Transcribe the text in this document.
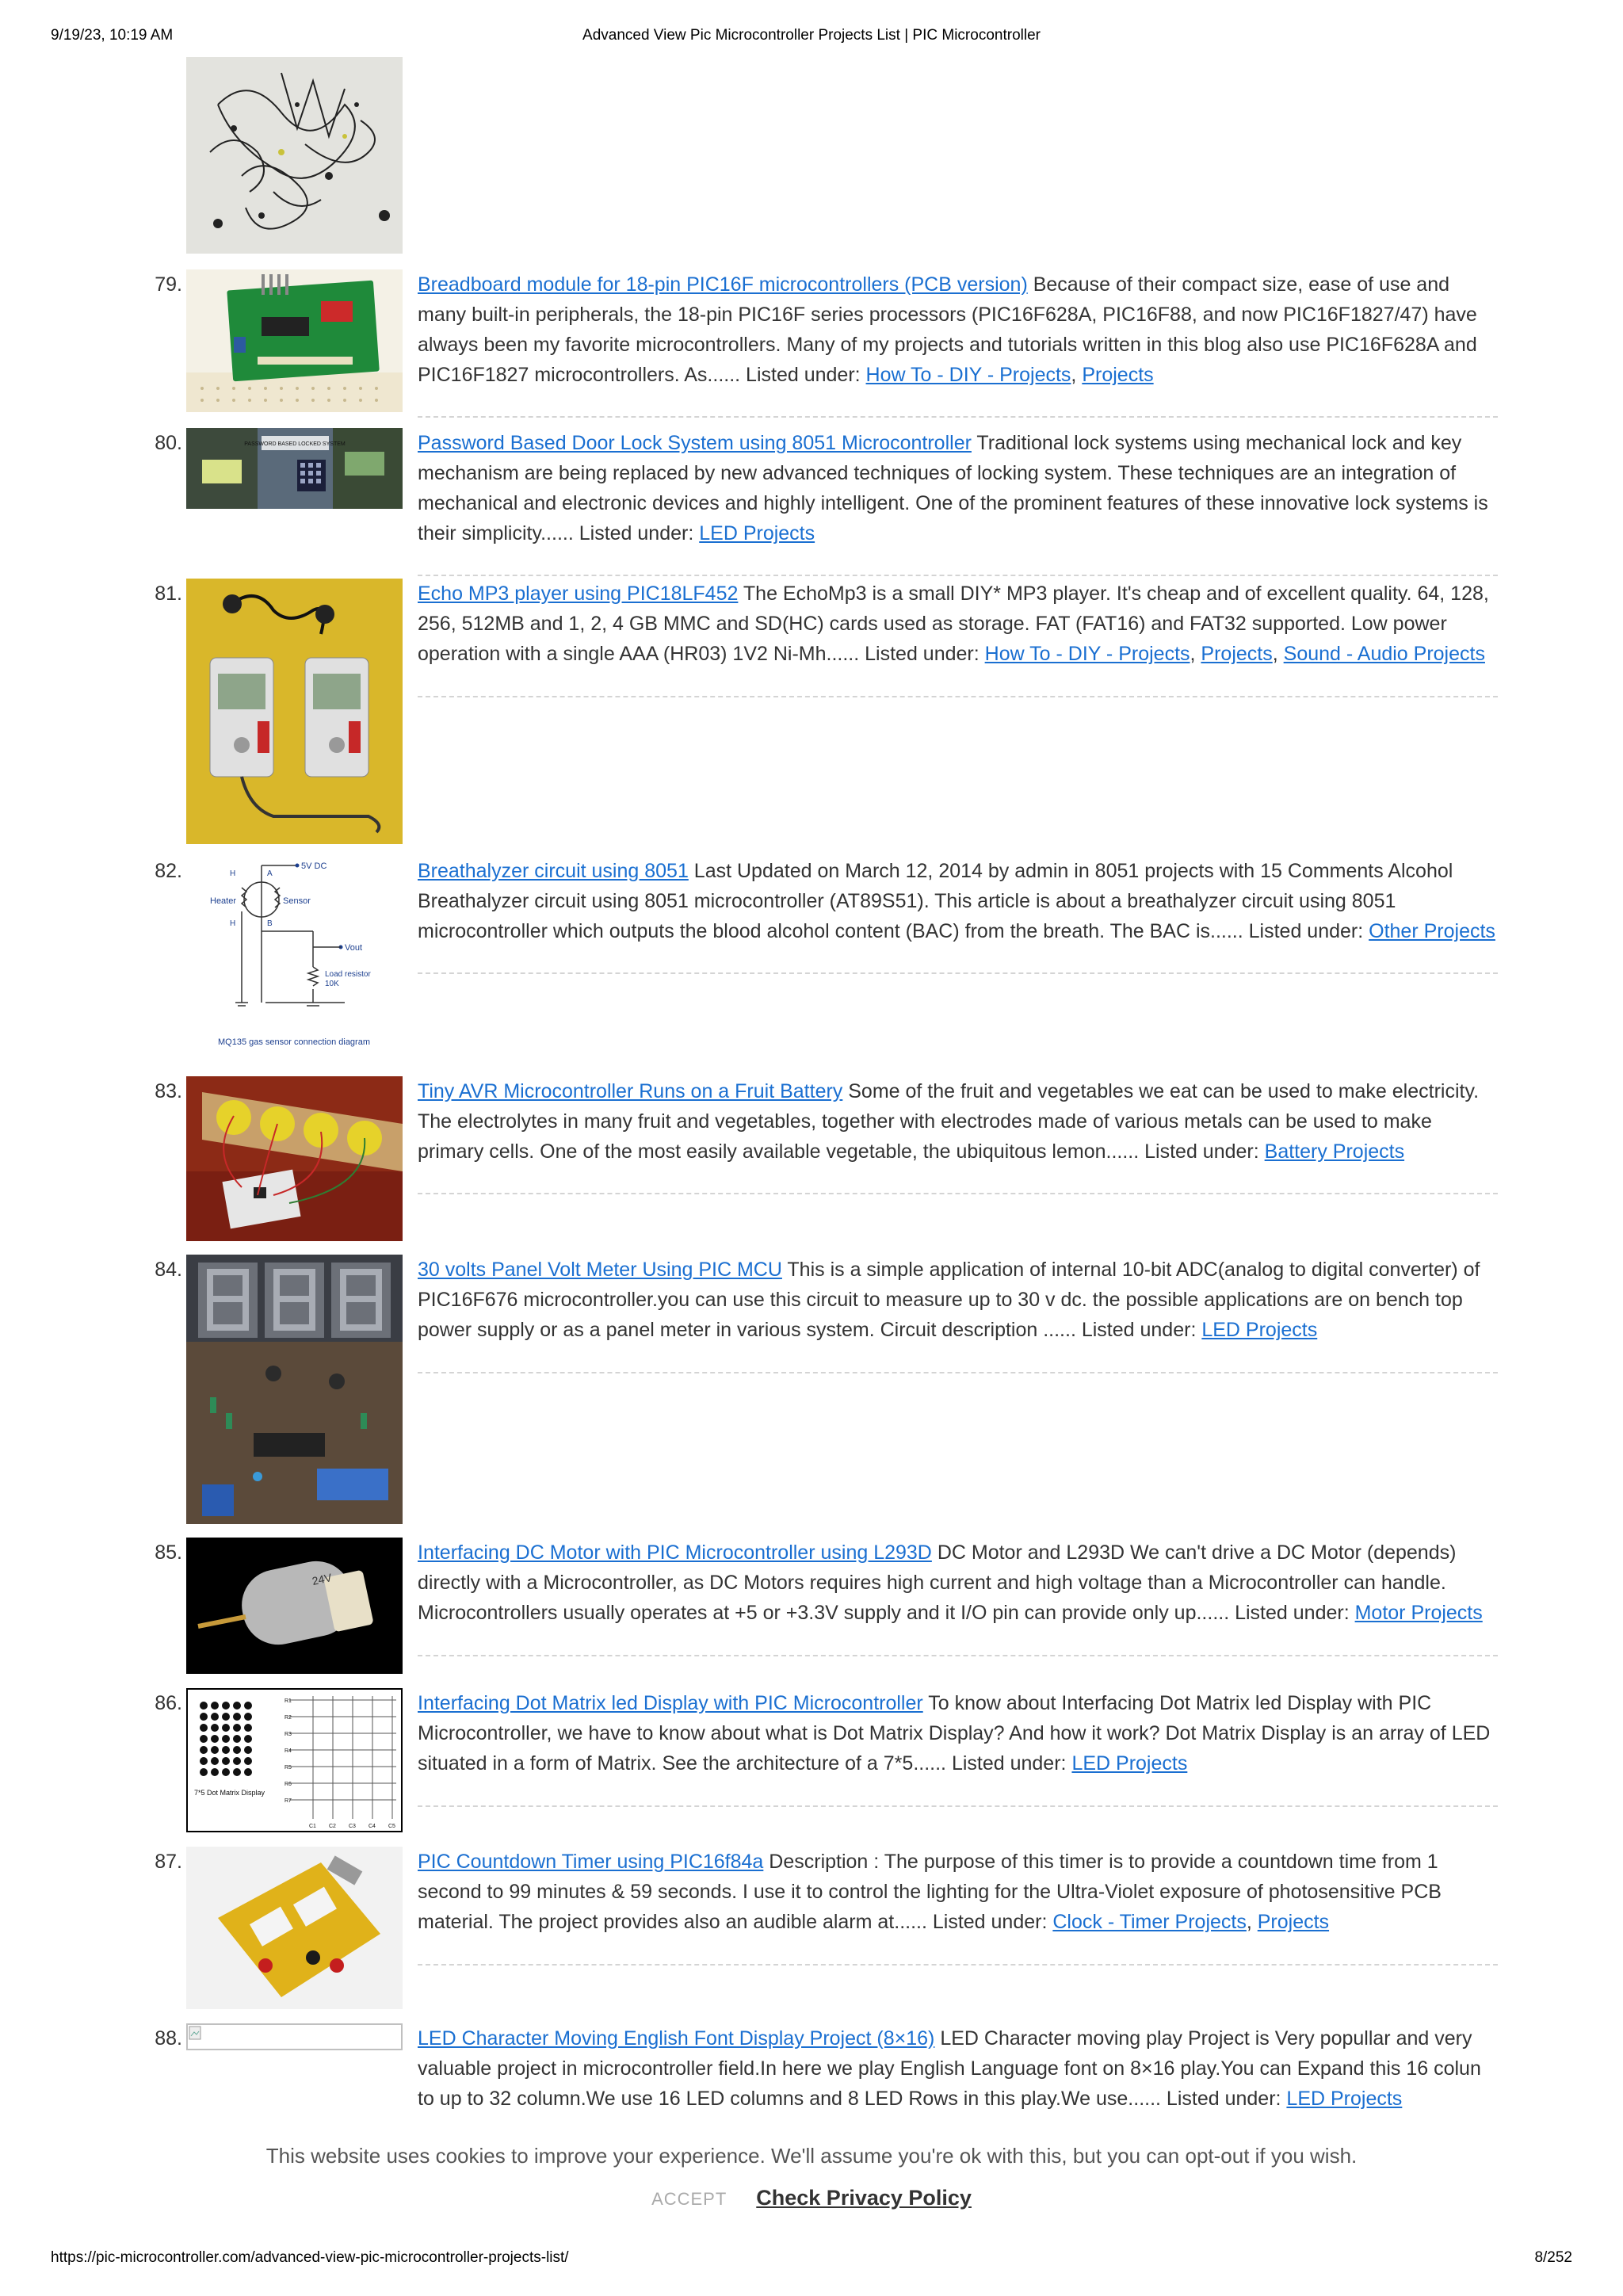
9/19/23, 10:19 AM	Advanced View Pic Microcontroller Projects List | PIC Microcontroller
79.	Breadboard module for 18-pin PIC16F microcontrollers (PCB version) Because of their compact size, ease of use and many built-in peripherals, the 18-pin PIC16F series processors (PIC16F628A, PIC16F88, and now PIC16F1827/47) have always been my favorite microcontrollers. Many of my projects and tutorials written in this blog also use PIC16F628A and PIC16F1827 microcontrollers. As...... Listed under: How To - DIY - Projects, Projects
80.	PASSWORD BASED LOCKED SYSTEM	Password Based Door Lock System using 8051 Microcontroller Traditional lock systems using mechanical lock and key mechanism are being replaced by new advanced techniques of locking system. These techniques are an integration of mechanical and electronic devices and highly intelligent. One of the prominent features of these innovative lock systems is their simplicity...... Listed under: LED Projects
81.	Echo MP3 player using PIC18LF452 The EchoMp3 is a small DIY* MP3 player. It's cheap and of excellent quality. 64, 128, 256, 512MB and 1, 2, 4 GB MMC and SD(HC) cards used as storage. FAT (FAT16) and FAT32 supported. Low power operation with a single AAA (HR03) 1V2 Ni-Mh...... Listed under: How To - DIY - Projects, Projects, Sound - Audio Projects
82.	5V DC
H
H
A
B
Heater	Sensor
Vout
Load resistor
10K
MQ135 gas sensor connection diagram
Breathalyzer circuit using 8051 Last Updated on March 12, 2014 by admin in 8051 projects with 15 Comments Alcohol Breathalyzer circuit using 8051 microcontroller (AT89S51). This article is about a breathalyzer circuit using 8051 microcontroller which outputs the blood alcohol content (BAC) from the breath. The BAC is...... Listed under: Other Projects
83.	Tiny AVR Microcontroller Runs on a Fruit Battery Some of the fruit and vegetables we eat can be used to make electricity. The electrolytes in many fruit and vegetables, together with electrodes made of various metals can be used to make primary cells. One of the most easily available vegetable, the ubiquitous lemon...... Listed under: Battery Projects
84.	30 volts Panel Volt Meter Using PIC MCU This is a simple application of internal 10-bit ADC(analog to digital converter) of PIC16F676 microcontroller.you can use this circuit to measure up to 30 v dc. the possible applications are on bench top power supply or as a panel meter in various system. Circuit description ...... Listed under: LED Projects
85.
24V
Interfacing DC Motor with PIC Microcontroller using L293D DC Motor and L293D We can't drive a DC Motor (depends) directly with a Microcontroller, as DC Motors requires high current and high voltage than a Microcontroller can handle. Microcontrollers usually operates at +5 or +3.3V supply and it I/O pin can provide only up...... Listed under: Motor Projects
86.
7*5 Dot Matrix Display
R1
R2
R3
R4
R5
R6
R7
C1 C2 C3 C4 C5
Interfacing Dot Matrix led Display with PIC Microcontroller To know about Interfacing Dot Matrix led Display with PIC Microcontroller, we have to know about what is Dot Matrix Display? And how it work? Dot Matrix Display is an array of LED situated in a form of Matrix. See the architecture of a 7*5...... Listed under: LED Projects
87.	PIC Countdown Timer using PIC16f84a Description : The purpose of this timer is to provide a countdown time from 1 second to 99 minutes & 59 seconds. I use it to control the lighting for the Ultra-Violet exposure of photosensitive PCB material. The project provides also an audible alarm at...... Listed under: Clock - Timer Projects, Projects
88.	LED Character Moving English Font Display Project (8×16) LED Character moving play Project is Very popullar and very valuable project in microcontroller field.In here we play English Language font on 8×16 play.You can Expand this 16 colun to up to 32 column.We use 16 LED columns and 8 LED Rows in this play.We use...... Listed under: LED Projects
This website uses cookies to improve your experience. We'll assume you're ok with this, but you can opt-out if you wish.
ACCEPT Check Privacy Policy
https://pic-microcontroller.com/advanced-view-pic-microcontroller-projects-list/	8/252
